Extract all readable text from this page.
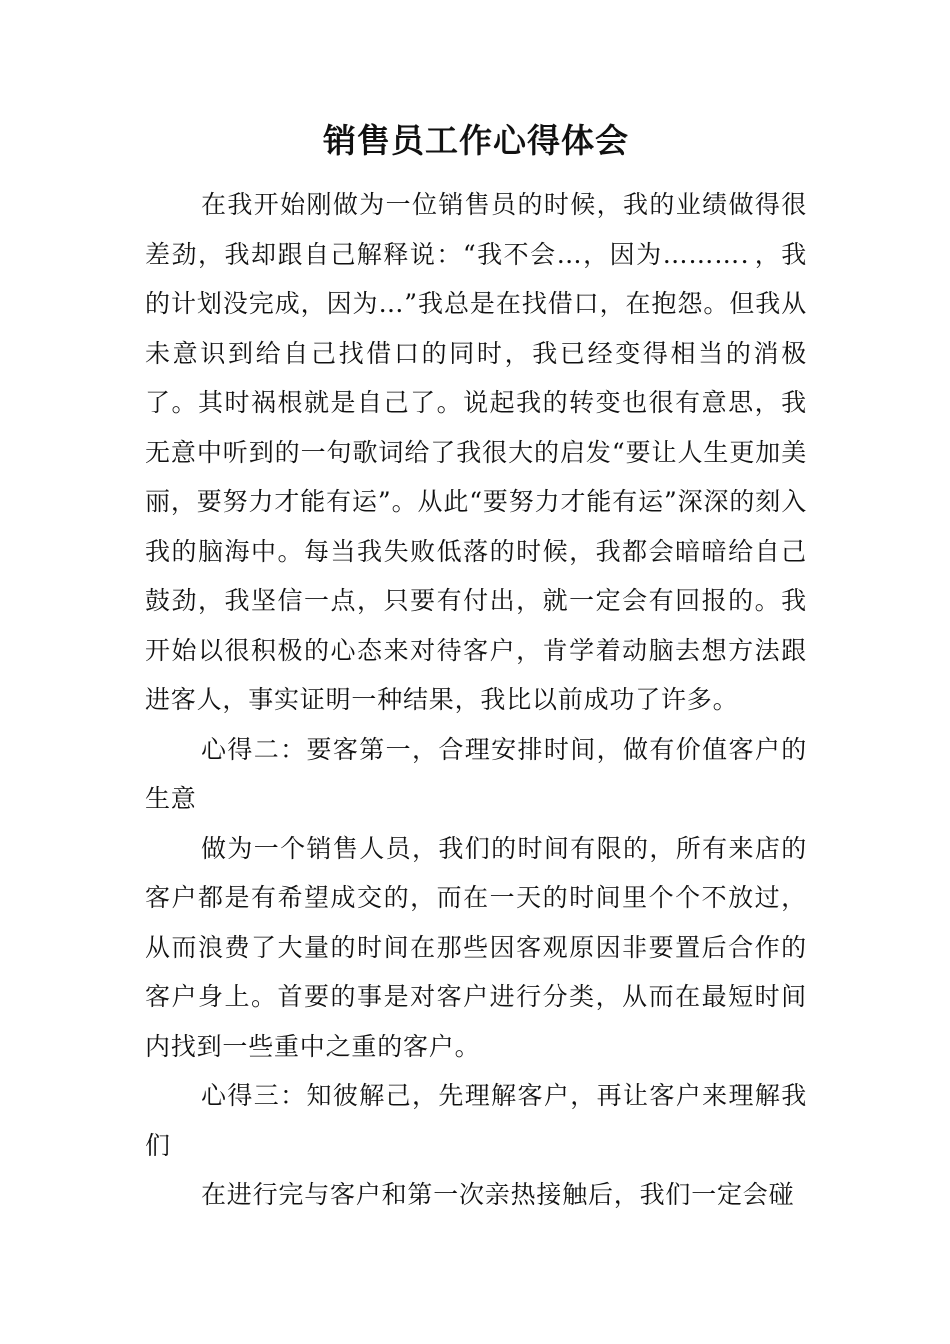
销售员工作心得体会

在我开始刚做为一位销售员的时候，我的业绩做得很差劲，我却跟自己解释说：“我不会…，因为………．，我的计划没完成，因为…”我总是在找借口，在抱怨。但我从未意识到给自己找借口的同时，我已经变得相当的消极了。其时祸根就是自己了。说起我的转变也很有意思，我无意中听到的一句歌词给了我很大的启发“要让人生更加美丽，要努力才能有运”。从此“要努力才能有运”深深的刻入我的脑海中。每当我失败低落的时候，我都会暗暗给自己鼓劲，我坚信一点，只要有付出，就一定会有回报的。我开始以很积极的心态来对待客户，肯学着动脑去想方法跟进客人，事实证明一种结果，我比以前成功了许多。

心得二：要客第一，合理安排时间，做有价值客户的生意

做为一个销售人员，我们的时间有限的，所有来店的客户都是有希望成交的，而在一天的时间里个个不放过，从而浪费了大量的时间在那些因客观原因非要置后合作的客户身上。首要的事是对客户进行分类，从而在最短时间内找到一些重中之重的客户。

心得三：知彼解己，先理解客户，再让客户来理解我们

在进行完与客户和第一次亲热接触后，我们一定会碰
